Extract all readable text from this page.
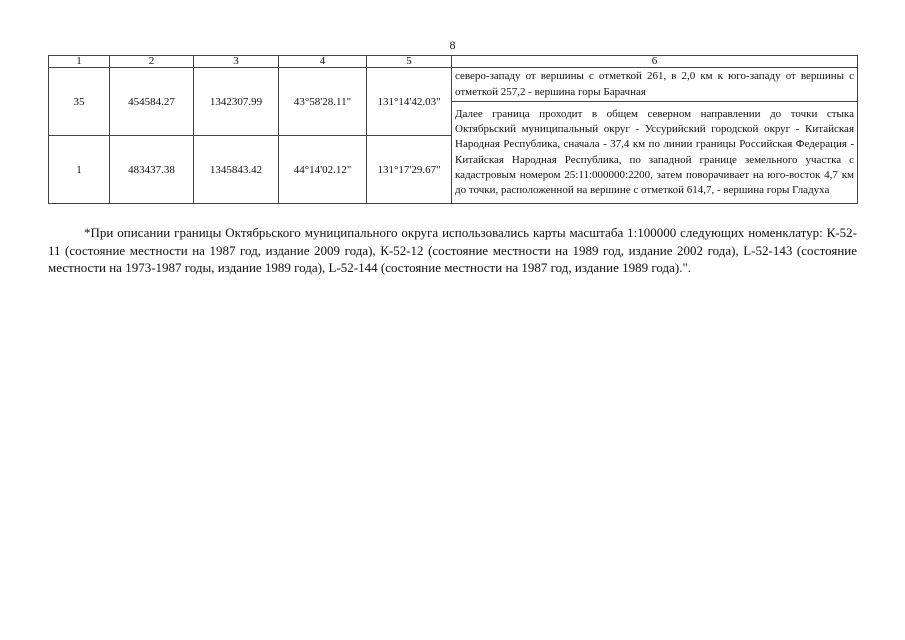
8
1	2	3	4	5	6
35	454584.27	1342307.99	43°58'28.11"	131°14'42.03"	северо-западу от вершины с отметкой 261, в 2,0 км к юго-западу от вершины с отметкой 257,2 - вершина горы Барачная
					Далее граница проходит в общем северном направлении до точки стыка Октябрьский муниципальный округ - Уссурийский городской округ - Китайская Народная Республика, сначала - 37,4 км по линии границы Российская Федерация - Китайская Народная Республика, по западной границе земельного участка с кадастровым номером 25:11:000000:2200, затем поворачивает на юго-восток 4,7 км до точки, расположенной на вершине с отметкой 614,7, - вершина горы Гладуха
1	483437.38	1345843.42	44°14'02.12"	131°17'29.67"	

*При описании границы Октябрьского муниципального округа использовались карты масштаба 1:100000 следующих номенклатур: К-52-11 (состояние местности на 1987 год, издание 2009 года), К-52-12 (состояние местности на 1989 год, издание 2002 года), L-52-143 (состояние местности на 1973-1987 годы, издание 1989 года), L-52-144 (состояние местности на 1987 год, издание 1989 года).".
